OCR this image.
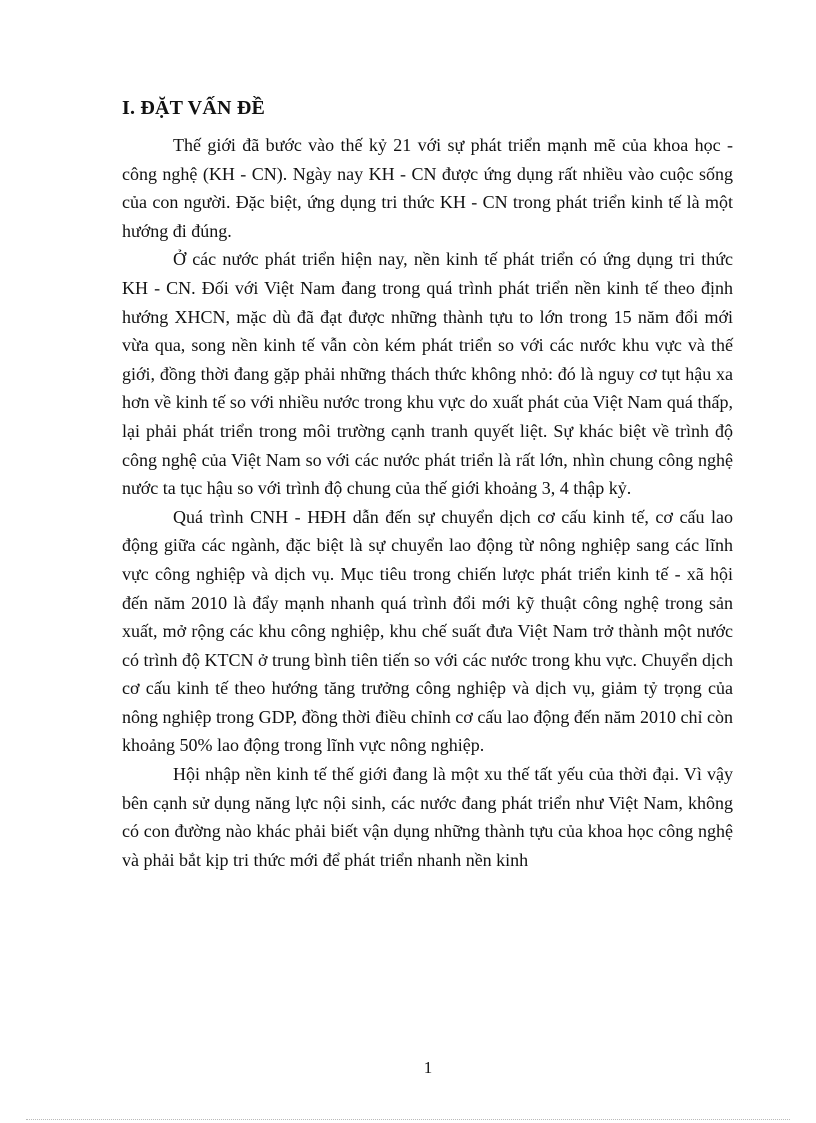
I. ĐẶT VẤN ĐỀ

Thế giới đã bước vào thế kỷ 21 với sự phát triển mạnh mẽ của khoa học - công nghệ (KH - CN). Ngày nay KH - CN được ứng dụng rất nhiều vào cuộc sống của con người. Đặc biệt, ứng dụng tri thức KH - CN trong phát triển kinh tế là một hướng đi đúng.

Ở các nước phát triển hiện nay, nền kinh tế phát triển có ứng dụng tri thức KH - CN. Đối với Việt Nam đang trong quá trình phát triển nền kinh tế theo định hướng XHCN, mặc dù đã đạt được những thành tựu to lớn trong 15 năm đổi mới vừa qua, song nền kinh tế vẫn còn kém phát triển so với các nước khu vực và thế giới, đồng thời đang gặp phải những thách thức không nhỏ: đó là nguy cơ tụt hậu xa hơn về kinh tế so với nhiều nước trong khu vực do xuất phát của Việt Nam quá thấp, lại phải phát triển trong môi trường cạnh tranh quyết liệt. Sự khác biệt về trình độ công nghệ của Việt Nam so với các nước phát triển là rất lớn, nhìn chung công nghệ nước ta tục hậu so với trình độ chung của thế giới khoảng 3, 4 thập kỷ.

Quá trình CNH - HĐH dẫn đến sự chuyển dịch cơ cấu kinh tế, cơ cấu lao động giữa các ngành, đặc biệt là sự chuyển lao động từ nông nghiệp sang các lĩnh vực công nghiệp và dịch vụ. Mục tiêu trong chiến lược phát triển kinh tế - xã hội đến năm 2010 là đẩy mạnh nhanh quá trình đổi mới kỹ thuật công nghệ trong sản xuất, mở rộng các khu công nghiệp, khu chế suất đưa Việt Nam trở thành một nước có trình độ KTCN ở trung bình tiên tiến so với các nước trong khu vực. Chuyển dịch cơ cấu kinh tế theo hướng tăng trưởng công nghiệp và dịch vụ, giảm tỷ trọng của nông nghiệp trong GDP, đồng thời điều chỉnh cơ cấu lao động đến năm 2010 chỉ còn khoảng 50% lao động trong lĩnh vực nông nghiệp.

Hội nhập nền kinh tế thế giới đang là một xu thế tất yếu của thời đại. Vì vậy bên cạnh sử dụng năng lực nội sinh, các nước đang phát triển như Việt Nam, không có con đường nào khác phải biết vận dụng những thành tựu của khoa học công nghệ và phải bắt kịp tri thức mới để phát triển nhanh nền kinh

1
